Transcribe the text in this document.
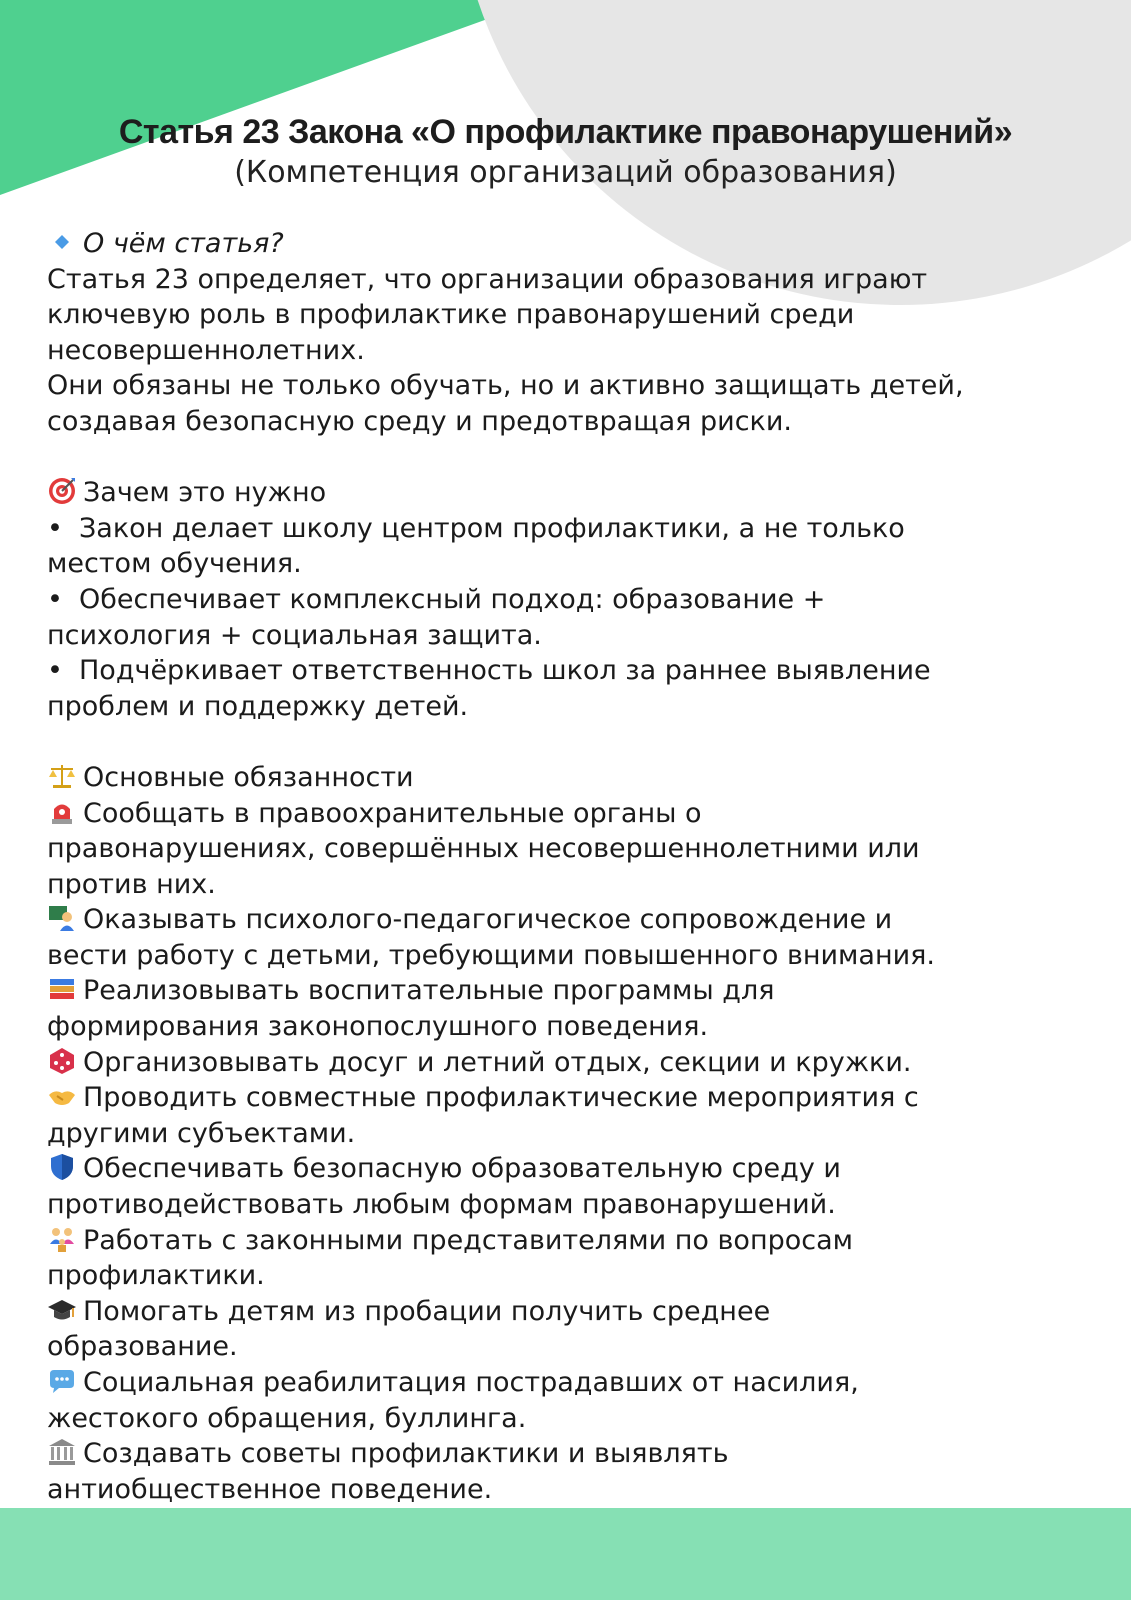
Статья 23 Закона «О профилактике правонарушений»
(Компетенция организаций образования)
О чём статья?
Статья 23 определяет, что организации образования играют
ключевую роль в профилактике правонарушений среди
несовершеннолетних.
Они обязаны не только обучать, но и активно защищать детей,
создавая безопасную среду и предотвращая риски.
Зачем это нужно
• Закон делает школу центром профилактики, а не только
местом обучения.
• Обеспечивает комплексный подход: образование +
психология + социальная защита.
• Подчёркивает ответственность школ за раннее выявление
проблем и поддержку детей.
Основные обязанности
Сообщать в правоохранительные органы о
правонарушениях, совершённых несовершеннолетними или
против них.
Оказывать психолого-педагогическое сопровождение и
вести работу с детьми, требующими повышенного внимания.
Реализовывать воспитательные программы для
формирования законопослушного поведения.
Организовывать досуг и летний отдых, секции и кружки.
Проводить совместные профилактические мероприятия с
другими субъектами.
Обеспечивать безопасную образовательную среду и
противодействовать любым формам правонарушений.
Работать с законными представителями по вопросам
профилактики.
Помогать детям из пробации получить среднее
образование.
Социальная реабилитация пострадавших от насилия,
жестокого обращения, буллинга.
Создавать советы профилактики и выявлять
антиобщественное поведение.
